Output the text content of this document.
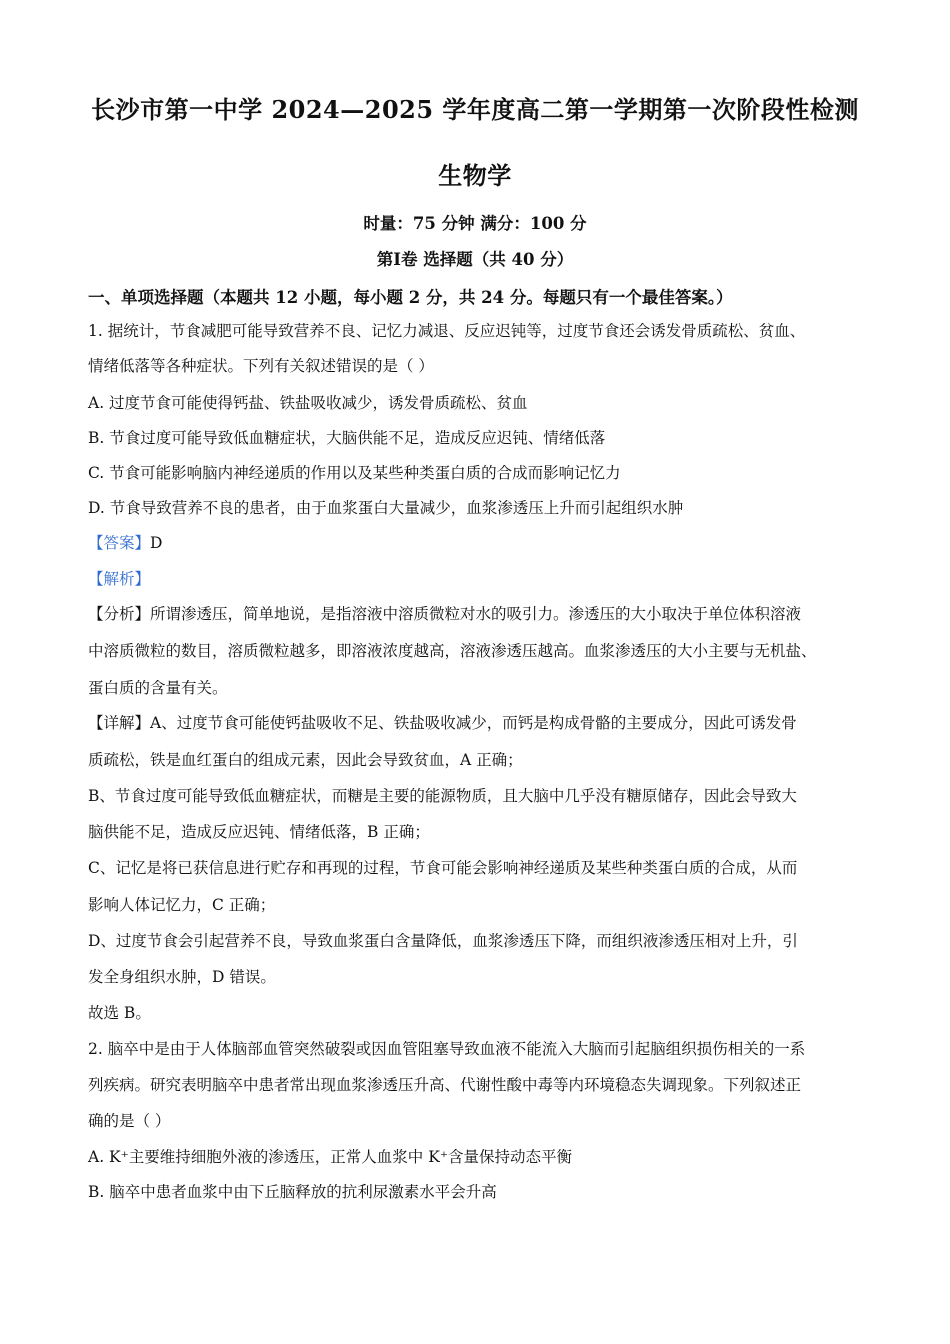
长沙市第一中学 2024—2025 学年度高二第一学期第一次阶段性检测
生物学
时量：75 分钟 满分：100 分
第Ⅰ卷 选择题（共 40 分）
一、单项选择题（本题共 12 小题，每小题 2 分，共 24 分。每题只有一个最佳答案。）
1. 据统计，节食减肥可能导致营养不良、记忆力减退、反应迟钝等，过度节食还会诱发骨质疏松、贫血、
情绪低落等各种症状。下列有关叙述错误的是（ ）
A. 过度节食可能使得钙盐、铁盐吸收减少，诱发骨质疏松、贫血
B. 节食过度可能导致低血糖症状，大脑供能不足，造成反应迟钝、情绪低落
C. 节食可能影响脑内神经递质的作用以及某些种类蛋白质的合成而影响记忆力
D. 节食导致营养不良的患者，由于血浆蛋白大量减少，血浆渗透压上升而引起组织水肿
【答案】D
【解析】
【分析】所谓渗透压，简单地说，是指溶液中溶质微粒对水的吸引力。渗透压的大小取决于单位体积溶液
中溶质微粒的数目，溶质微粒越多，即溶液浓度越高，溶液渗透压越高。血浆渗透压的大小主要与无机盐、
蛋白质的含量有关。
【详解】A、过度节食可能使钙盐吸收不足、铁盐吸收减少，而钙是构成骨骼的主要成分，因此可诱发骨
质疏松，铁是血红蛋白的组成元素，因此会导致贫血，A 正确；
B、节食过度可能导致低血糖症状，而糖是主要的能源物质，且大脑中几乎没有糖原储存，因此会导致大
脑供能不足，造成反应迟钝、情绪低落，B 正确；
C、记忆是将已获信息进行贮存和再现的过程，节食可能会影响神经递质及某些种类蛋白质的合成，从而
影响人体记忆力，C 正确；
D、过度节食会引起营养不良，导致血浆蛋白含量降低，血浆渗透压下降，而组织液渗透压相对上升，引
发全身组织水肿，D 错误。
故选 B。
2. 脑卒中是由于人体脑部血管突然破裂或因血管阻塞导致血液不能流入大脑而引起脑组织损伤相关的一系
列疾病。研究表明脑卒中患者常出现血浆渗透压升高、代谢性酸中毒等内环境稳态失调现象。下列叙述正
确的是（ ）
A. K⁺主要维持细胞外液的渗透压，正常人血浆中 K⁺含量保持动态平衡
B. 脑卒中患者血浆中由下丘脑释放的抗利尿激素水平会升高
